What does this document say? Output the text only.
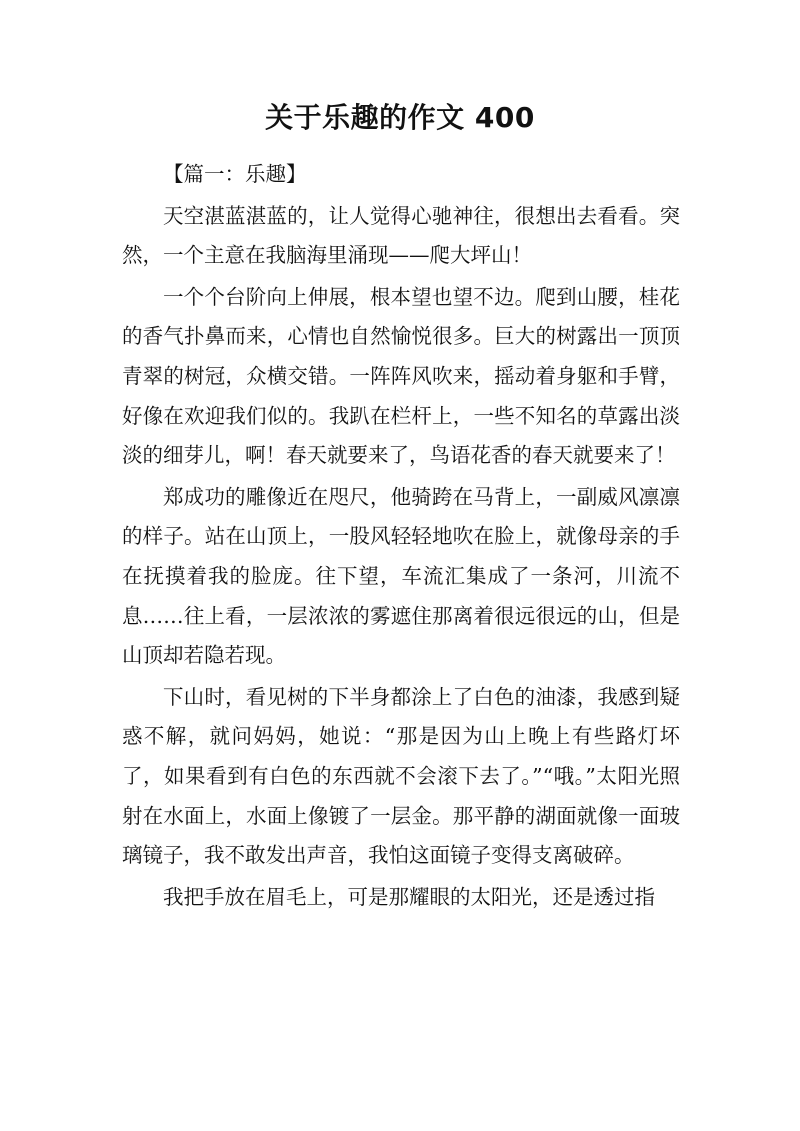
关于乐趣的作文 400

【篇一：乐趣】

天空湛蓝湛蓝的，让人觉得心驰神往，很想出去看看。突然，一个主意在我脑海里涌现——爬大坪山！

一个个台阶向上伸展，根本望也望不边。爬到山腰，桂花的香气扑鼻而来，心情也自然愉悦很多。巨大的树露出一顶顶青翠的树冠，众横交错。一阵阵风吹来，摇动着身躯和手臂，好像在欢迎我们似的。我趴在栏杆上，一些不知名的草露出淡淡的细芽儿，啊！春天就要来了，鸟语花香的春天就要来了！

郑成功的雕像近在咫尺，他骑跨在马背上，一副威风凛凛的样子。站在山顶上，一股风轻轻地吹在脸上，就像母亲的手在抚摸着我的脸庞。往下望，车流汇集成了一条河，川流不息……往上看，一层浓浓的雾遮住那离着很远很远的山，但是山顶却若隐若现。

下山时，看见树的下半身都涂上了白色的油漆，我感到疑惑不解，就问妈妈，她说：“那是因为山上晚上有些路灯坏了，如果看到有白色的东西就不会滚下去了。”“哦。”太阳光照射在水面上，水面上像镀了一层金。那平静的湖面就像一面玻璃镜子，我不敢发出声音，我怕这面镜子变得支离破碎。

我把手放在眉毛上，可是那耀眼的太阳光，还是透过指
